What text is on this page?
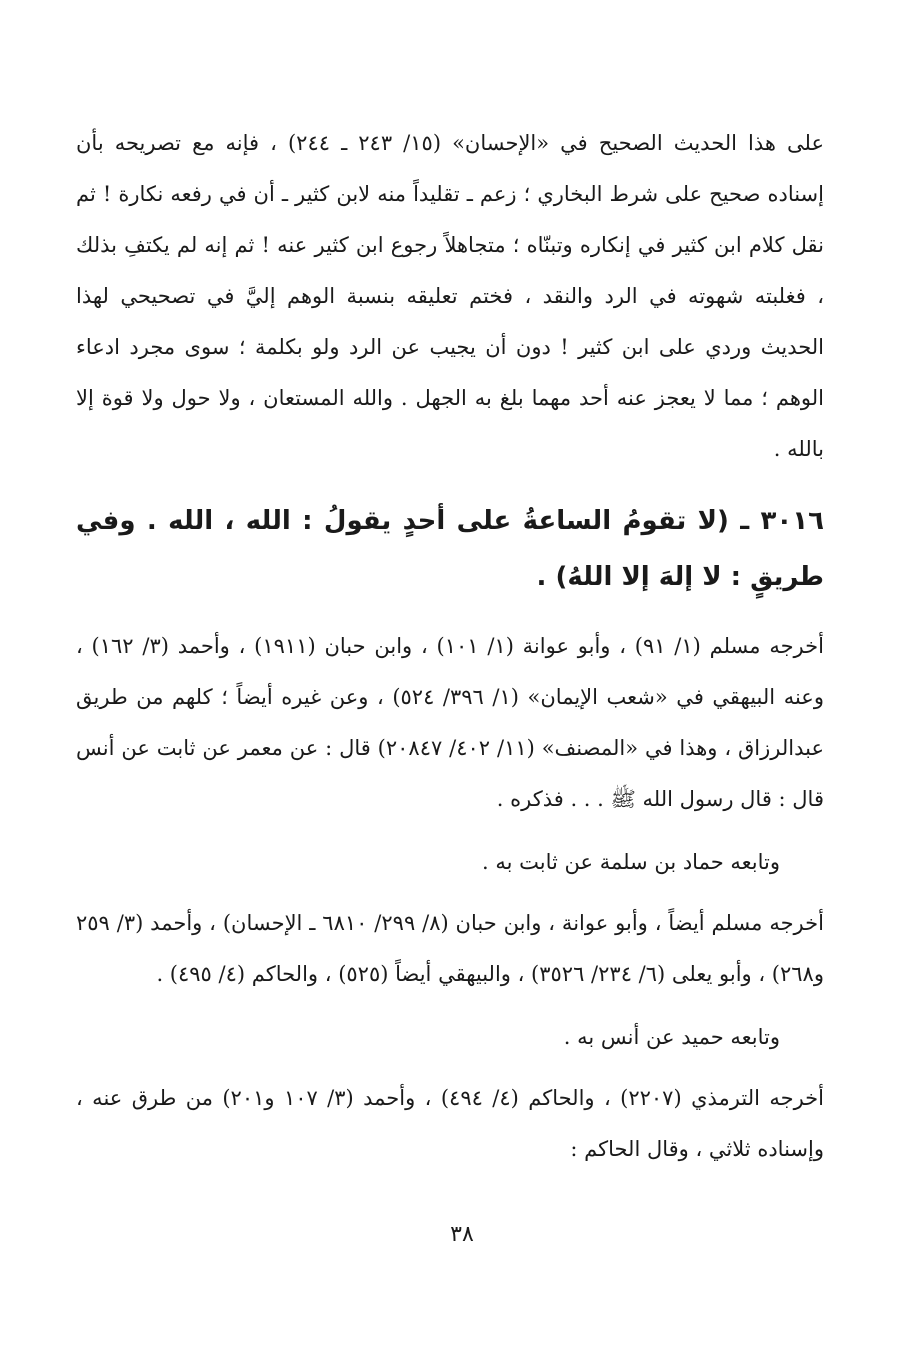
على هذا الحديث الصحيح في «الإحسان» (١٥/ ٢٤٣ ـ ٢٤٤) ، فإنه مع تصريحه بأن إسناده صحيح على شرط البخاري ؛ زعم ـ تقليداً منه لابن كثير ـ أن في رفعه نكارة ! ثم نقل كلام ابن كثير في إنكاره وتبنّاه ؛ متجاهلاً رجوع ابن كثير عنه ! ثم إنه لم يكتفِ بذلك ، فغلبته شهوته في الرد والنقد ، فختم تعليقه بنسبة الوهم إليَّ في تصحيحي لهذا الحديث وردي على ابن كثير ! دون أن يجيب عن الرد ولو بكلمة ؛ سوى مجرد ادعاء الوهم ؛ مما لا يعجز عنه أحد مهما بلغ به الجهل . والله المستعان ، ولا حول ولا قوة إلا بالله .

٣٠١٦ ـ (لا تقومُ الساعةُ على أحدٍ يقولُ : الله ، الله . وفي طريقٍ : لا إلهَ إلا اللهُ) .

أخرجه مسلم (١/ ٩١) ، وأبو عوانة (١/ ١٠١) ، وابن حبان (١٩١١) ، وأحمد (٣/ ١٦٢) ، وعنه البيهقي في «شعب الإيمان» (١/ ٣٩٦/ ٥٢٤) ، وعن غيره أيضاً ؛ كلهم من طريق عبدالرزاق ، وهذا في «المصنف» (١١/ ٤٠٢/ ٢٠٨٤٧) قال : عن معمر عن ثابت عن أنس قال : قال رسول الله ﷺ . . . فذكره .

وتابعه حماد بن سلمة عن ثابت به .

أخرجه مسلم أيضاً ، وأبو عوانة ، وابن حبان (٨/ ٢٩٩/ ٦٨١٠ ـ الإحسان) ، وأحمد (٣/ ٢٥٩ و٢٦٨) ، وأبو يعلى (٦/ ٢٣٤/ ٣٥٢٦) ، والبيهقي أيضاً (٥٢٥) ، والحاكم (٤/ ٤٩٥) .

وتابعه حميد عن أنس به .

أخرجه الترمذي (٢٢٠٧) ، والحاكم (٤/ ٤٩٤) ، وأحمد (٣/ ١٠٧ و٢٠١) من طرق عنه ، وإسناده ثلاثي ، وقال الحاكم :

٣٨
